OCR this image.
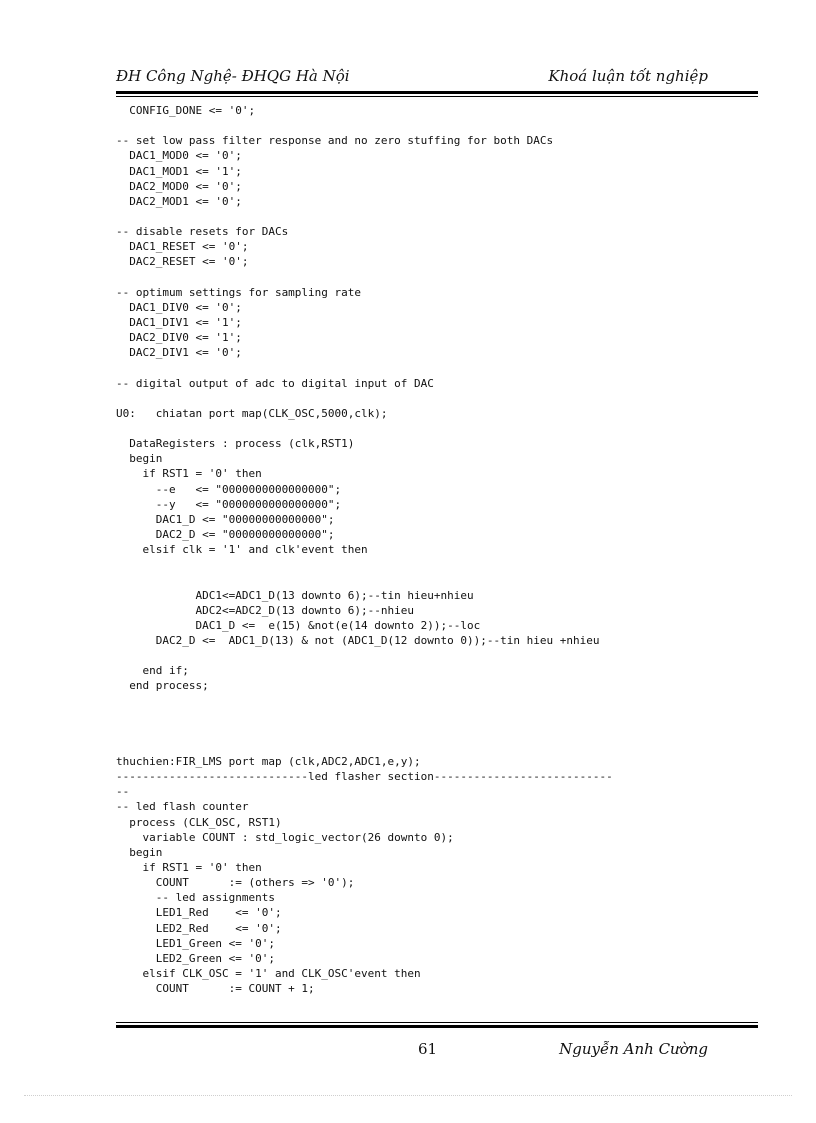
ĐH Công Nghệ- ĐHQG Hà Nội	Khoá luận tốt nghiệp
CONFIG_DONE <= '0';
-- set low pass filter response and no zero stuffing for both DACs
DAC1_MOD0 <= '0';
DAC1_MOD1 <= '1';
DAC2_MOD0 <= '0';
DAC2_MOD1 <= '0';
-- disable resets for DACs
DAC1_RESET <= '0';
DAC2_RESET <= '0';
-- optimum settings for sampling rate
DAC1_DIV0 <= '0';
DAC1_DIV1 <= '1';
DAC2_DIV0 <= '1';
DAC2_DIV1 <= '0';
-- digital output of adc to digital input of DAC
U0:   chiatan port map(CLK_OSC,5000,clk);
DataRegisters : process (clk,RST1)
begin
if RST1 = '0' then
--e   <= "0000000000000000";
--y   <= "0000000000000000";
DAC1_D <= "00000000000000";
DAC2_D <= "00000000000000";
elsif clk = '1' and clk'event then
ADC1<=ADC1_D(13 downto 6);--tin hieu+nhieu
ADC2<=ADC2_D(13 downto 6);--nhieu
DAC1_D <=  e(15) &not(e(14 downto 2));--loc
DAC2_D <=  ADC1_D(13) & not (ADC1_D(12 downto 0));--tin hieu +nhieu
end if;
end process;
thuchien:FIR_LMS port map (clk,ADC2,ADC1,e,y);
-----------------------------led flasher section---------------------------
--
-- led flash counter
process (CLK_OSC, RST1)
variable COUNT : std_logic_vector(26 downto 0);
begin
if RST1 = '0' then
COUNT      := (others => '0');
-- led assignments
LED1_Red    <= '0';
LED2_Red    <= '0';
LED1_Green <= '0';
LED2_Green <= '0';
elsif CLK_OSC = '1' and CLK_OSC'event then
COUNT      := COUNT + 1;
61	Nguyễn Anh Cường
